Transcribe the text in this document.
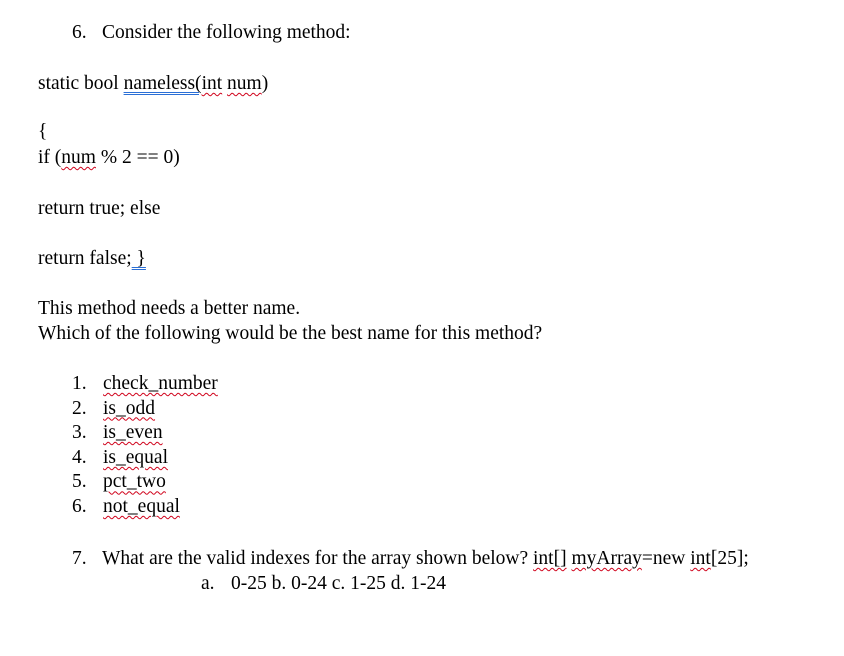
6. Consider the following method:
static bool nameless(int num)
{
if (num % 2 == 0)
return true; else
return false; }
This method needs a better name.
Which of the following would be the best name for this method?
1. check_number
2. is_odd
3. is_even
4. is_equal
5. pct_two
6. not_equal
7. What are the valid indexes for the array shown below? int[] myArray=new int[25];
a. 0-25 b. 0-24 c. 1-25 d. 1-24
